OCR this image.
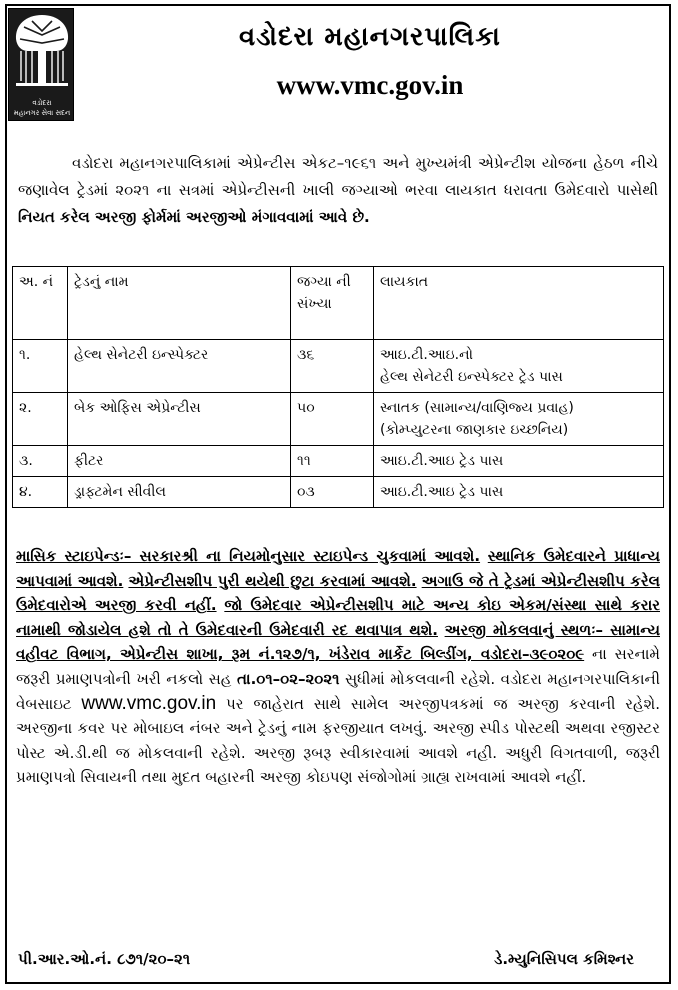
વડોદરા
મહાનગર સેવા સદન
વડોદરા મહાનગરપાલિકા
www.vmc.gov.in
વડોદરા મહાનગરપાલિકામાં એપ્રેન્ટીસ એકટ–૧૯૬૧ અને મુખ્યમંત્રી એપ્રેન્ટીશ યોજના હેઠળ નીચે જણાવેલ ટ્રેડમાં ૨૦૨૧ ના સત્રમાં એપ્રેન્ટીસની ખાલી જગ્યાઓ ભરવા લાયકાત ધરાવતા ઉમેદવારો પાસેથી નિયત કરેલ અરજી ફોર્મમાં અરજીઓ મંગાવવામાં આવે છે.
અ. નં	ટ્રેડનું નામ	જગ્યા ની સંખ્યા	લાયકાત
૧.	હેલ્થ સેનેટરી ઇન્સ્પેક્ટર	૩૬	આઇ.ટી.આઇ.નો
હેલ્થ સેનેટરી ઇન્સ્પેક્ટર ટ્રેડ પાસ

૨.	બેક ઓફિસ એપ્રેન્ટીસ	૫૦	સ્નાતક (સામાન્ય/વાણિજ્ય પ્રવાહ)
(કોમ્પ્યુટરના જાણકાર ઇચ્છનિય)

૩.	ફીટર	૧૧	આઇ.ટી.આઇ ટ્રેડ પાસ
૪.	ડ્રાફ્ટમેન સીવીલ	૦૩	આઇ.ટી.આઇ ટ્રેડ પાસ
માસિક સ્ટાઇપેન્ડઃ– સરકારશ્રી ના નિયમોનુસાર સ્ટાઇપેન્ડ ચુકવામાં આવશે. સ્થાનિક ઉમેદવારને પ્રાધાન્ય આપવામાં આવશે. એપ્રેન્ટીસશીપ પુરી થયેથી છુટા કરવામાં આવશે. અગાઉ જે તે ટ્રેડમાં એપ્રેન્ટીસશીપ કરેલ ઉમેદવારોએ અરજી કરવી નહીં. જો ઉમેદવાર એપ્રેન્ટીસશીપ માટે અન્ય કોઇ એકમ/સંસ્થા સાથે કરાર નામાથી જોડાયેલ હશે તો તે ઉમેદવારની ઉમેદવારી રદ થવાપાત્ર થશે. અરજી મોકલવાનું સ્થળઃ– સામાન્ય વહીવટ વિભાગ, એપ્રેન્ટીસ શાખા, રૂમ નં.૧૨૭/૧, ખંડેરાવ માર્કેટ બિલ્ડીંગ, વડોદરા–૩૯૦૨૦૯ ના સરનામે જરૂરી પ્રમાણપત્રોની ખરી નકલો સહ તા.૦૧–૦૨–૨૦૨૧ સુધીમાં મોકલવાની રહેશે. વડોદરા મહાનગરપાલિકાની વેબસાઇટ www.vmc.gov.in પર જાહેરાત સાથે સામેલ અરજીપત્રકમાં જ અરજી કરવાની રહેશે. અરજીના કવર પર મોબાઇલ નંબર અને ટ્રેડનું નામ ફરજીયાત લખવું. અરજી સ્પીડ પોસ્ટથી અથવા રજીસ્ટર પોસ્ટ એ.ડી.થી જ મોકલવાની રહેશે. અરજી રૂબરૂ સ્વીકારવામાં આવશે નહી. અધુરી વિગતવાળી, જરૂરી પ્રમાણપત્રો સિવાયની તથા મુદત બહારની અરજી કોઇપણ સંજોગોમાં ગ્રાહ્ય રાખવામાં આવશે નહીં.
પી.આર.ઓ.નં. ૮૭૧/૨૦–૨૧	ડે.મ્યુનિસિપલ કમિશ્નર
